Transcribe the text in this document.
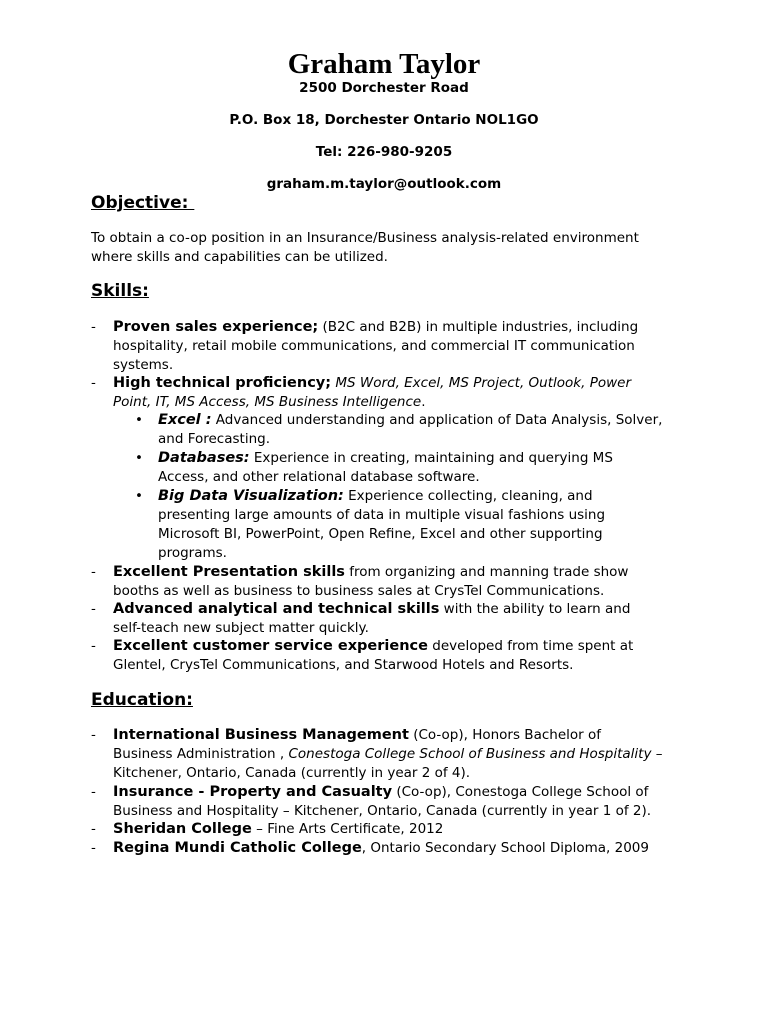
Graham Taylor
2500 Dorchester Road
P.O. Box 18, Dorchester Ontario NOL1GO
Tel: 226-980-9205
graham.m.taylor@outlook.com
Objective:
To obtain a co-op position in an Insurance/Business analysis-related environment
where skills and capabilities can be utilized.
Skills:
- Proven sales experience; (B2C and B2B) in multiple industries, including
hospitality, retail mobile communications, and commercial IT communication
systems.
- High technical proficiency; MS Word, Excel, MS Project, Outlook, Power
Point, IT, MS Access, MS Business Intelligence.
• Excel : Advanced understanding and application of Data Analysis, Solver,
and Forecasting.
• Databases: Experience in creating, maintaining and querying MS
Access, and other relational database software.
• Big Data Visualization: Experience collecting, cleaning, and
presenting large amounts of data in multiple visual fashions using
Microsoft BI, PowerPoint, Open Refine, Excel and other supporting
programs.
- Excellent Presentation skills from organizing and manning trade show
booths as well as business to business sales at CrysTel Communications.
- Advanced analytical and technical skills with the ability to learn and
self-teach new subject matter quickly.
- Excellent customer service experience developed from time spent at
Glentel, CrysTel Communications, and Starwood Hotels and Resorts.
Education:
- International Business Management (Co-op), Honors Bachelor of
Business Administration , Conestoga College School of Business and Hospitality –
Kitchener, Ontario, Canada (currently in year 2 of 4).
- Insurance - Property and Casualty (Co-op), Conestoga College School of
Business and Hospitality – Kitchener, Ontario, Canada (currently in year 1 of 2).
- Sheridan College – Fine Arts Certificate, 2012
- Regina Mundi Catholic College, Ontario Secondary School Diploma, 2009
